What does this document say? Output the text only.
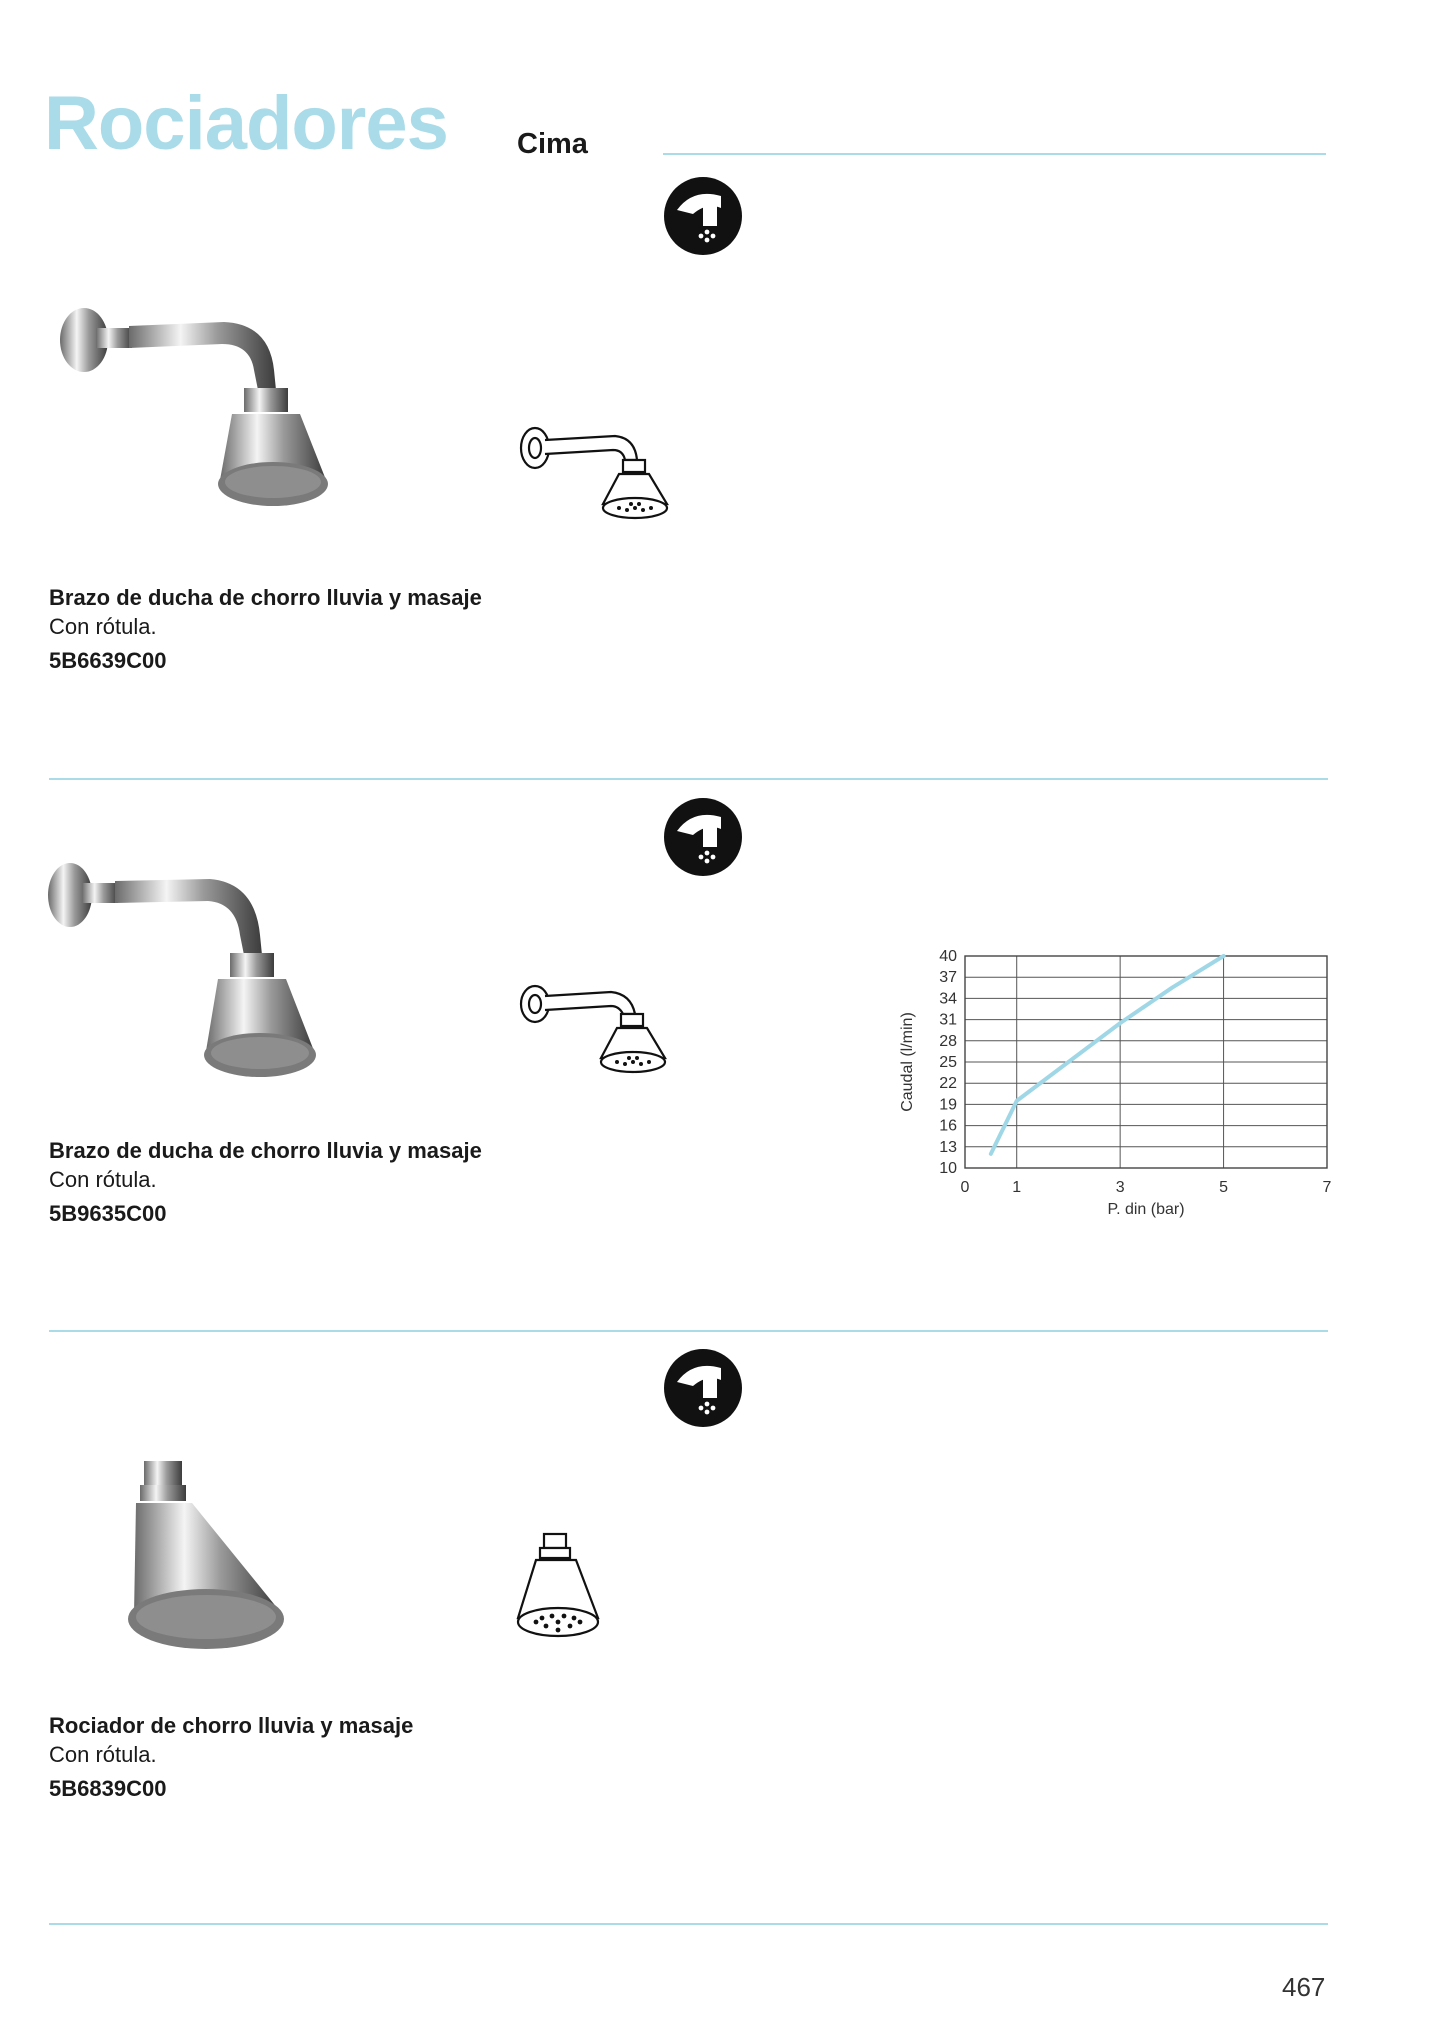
Rociadores Cima
Brazo de ducha de chorro lluvia y masaje
Con rótula.
5B6639C00
Brazo de ducha de chorro lluvia y masaje
Con rótula.
5B9635C00
10
13
16
19
22
25
28
31
34
37
40
0	1	3	5	7
P. din (bar)
Caudal (l/min)
Rociador de chorro lluvia y masaje
Con rótula.
5B6839C00
467
